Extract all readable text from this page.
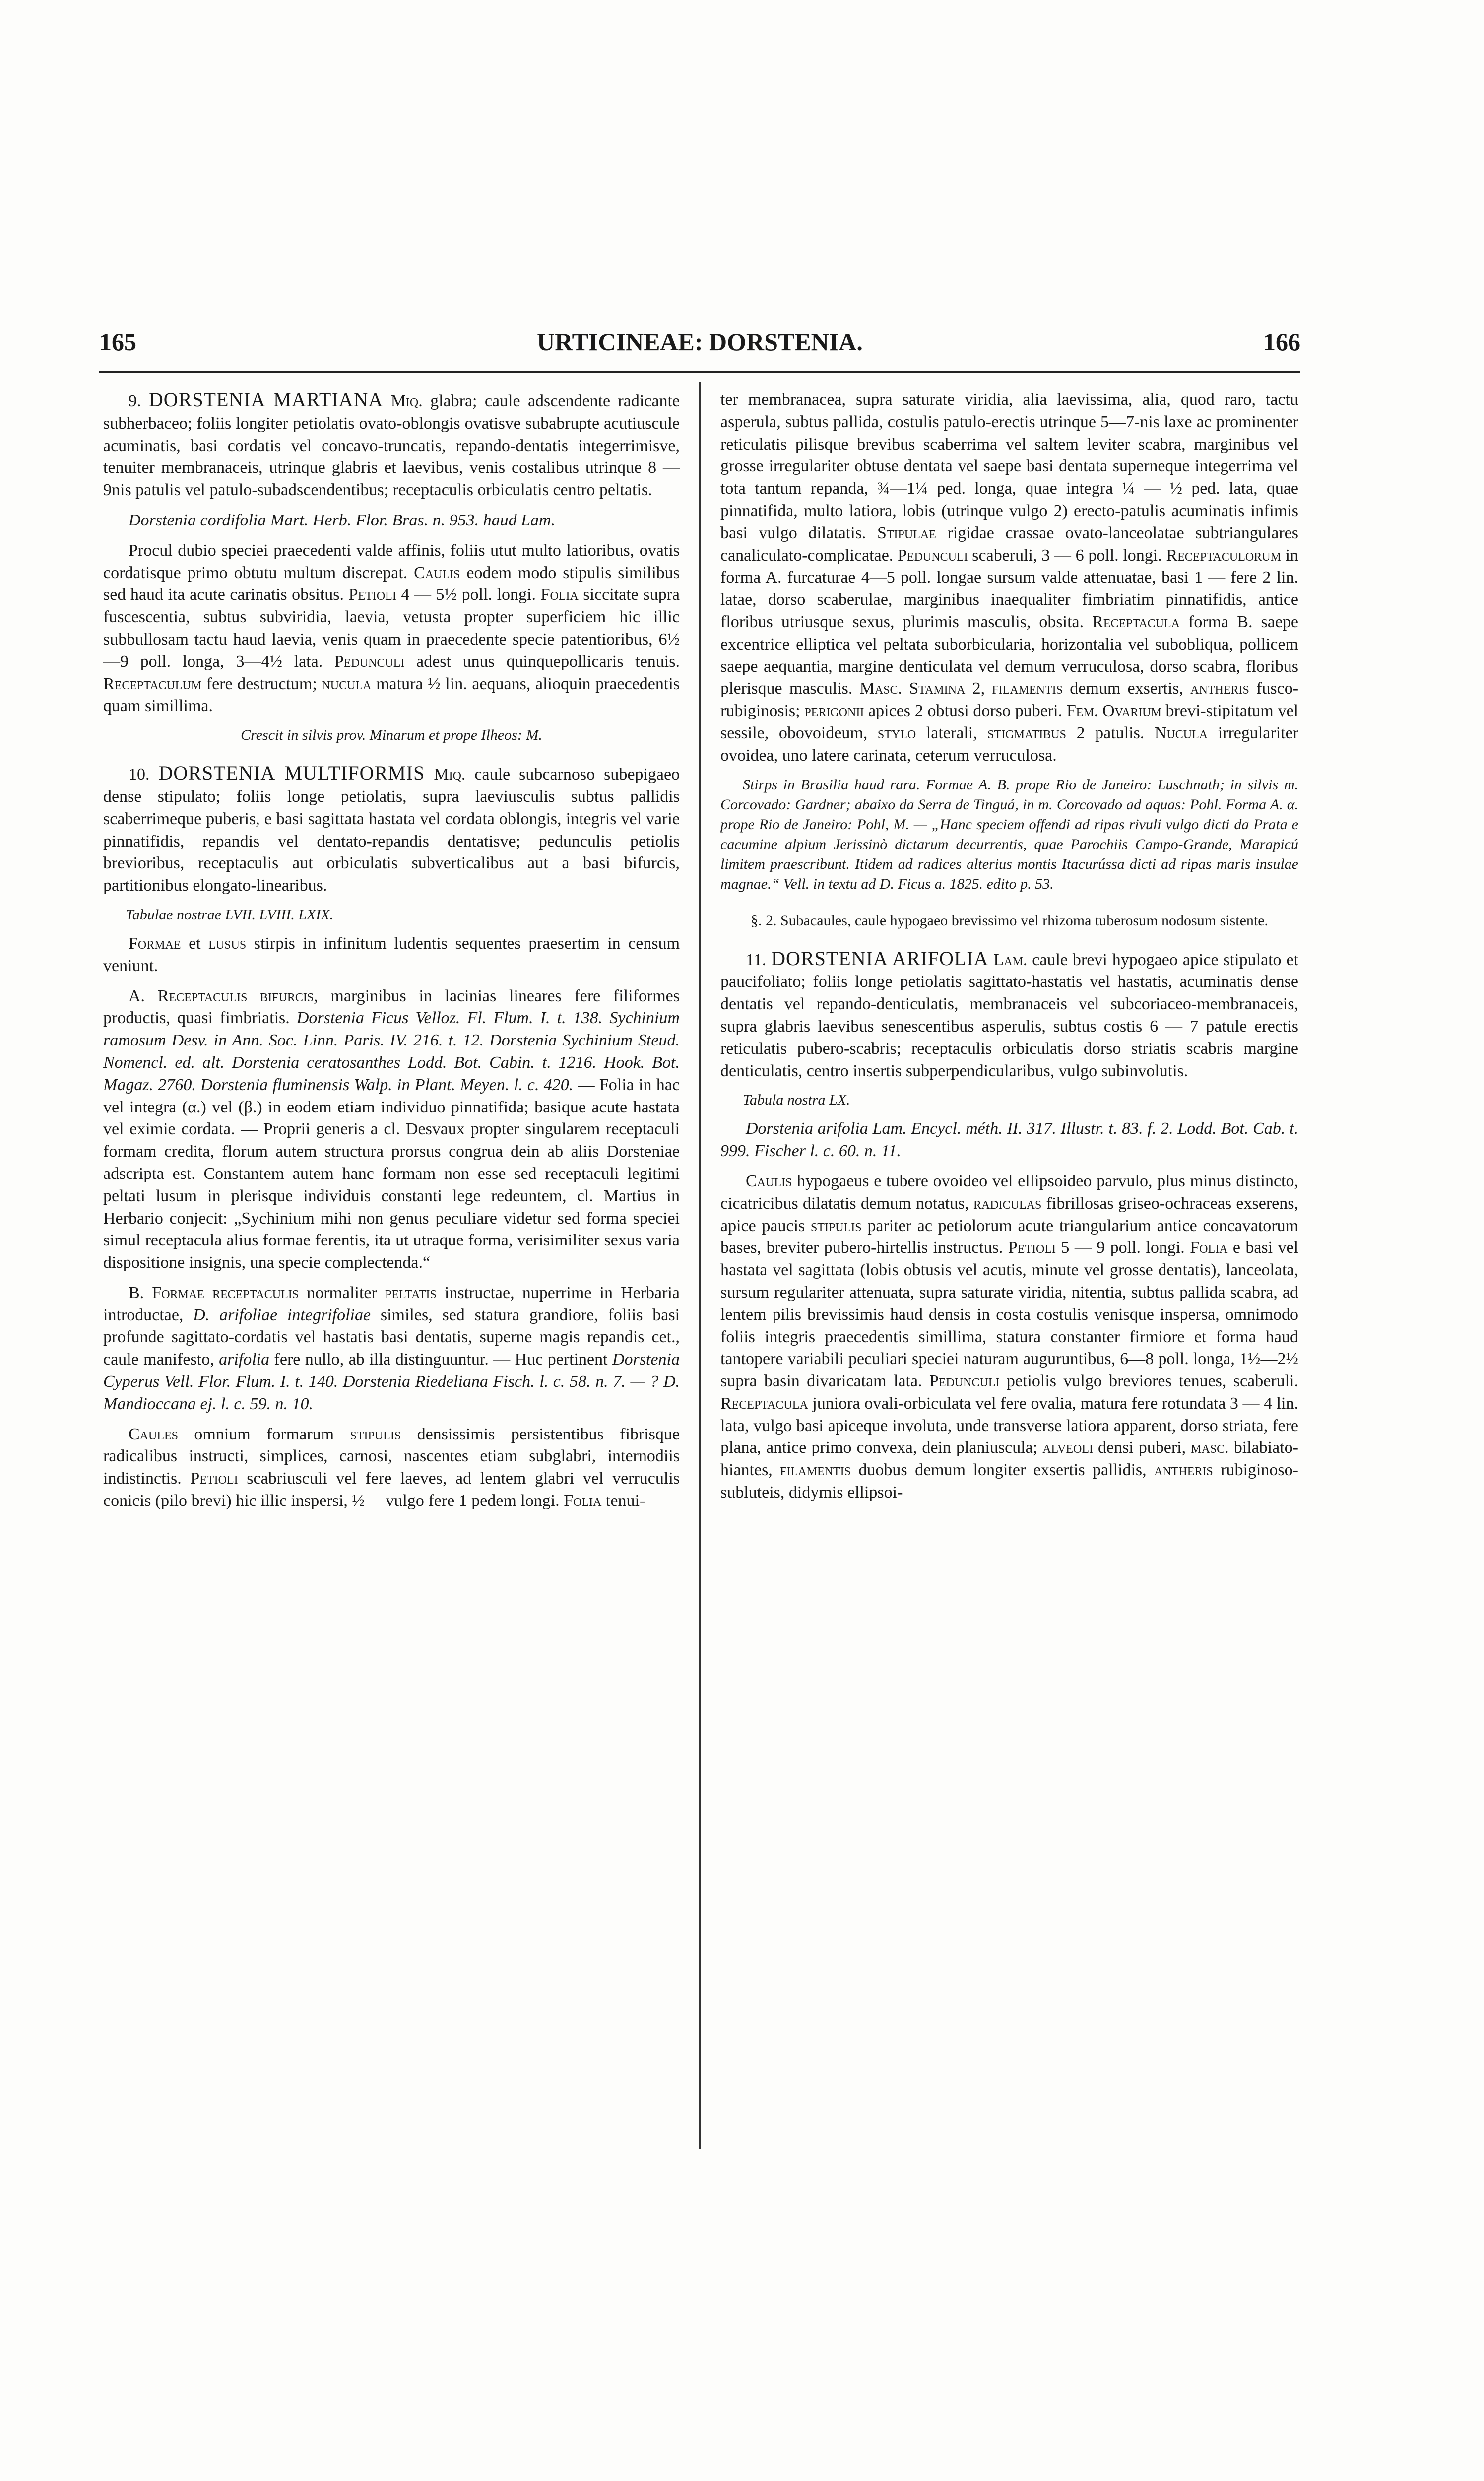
165	URTICINEAE: DORSTENIA.	166

9. DORSTENIA MARTIANA Miq. glabra; caule adscendente radicante subherbaceo; foliis longiter petiolatis ovato-oblongis ovatisve subabrupte acutiuscule acuminatis, basi cordatis vel concavo-truncatis, repando-dentatis integerrimisve, tenuiter membranaceis, utrinque glabris et laevibus, venis costalibus utrinque 8 — 9nis patulis vel patulo-subadscendentibus; receptaculis orbiculatis centro peltatis.

Dorstenia cordifolia Mart. Herb. Flor. Bras. n. 953. haud Lam.

Procul dubio speciei praecedenti valde affinis, foliis utut multo latioribus, ovatis cordatisque primo obtutu multum discrepat. Caulis eodem modo stipulis similibus sed haud ita acute carinatis obsitus. Petioli 4 — 5½ poll. longi. Folia siccitate supra fuscescentia, subtus subviridia, laevia, vetusta propter superficiem hic illic subbullosam tactu haud laevia, venis quam in praecedente specie patentioribus, 6½—9 poll. longa, 3—4½ lata. Pedunculi adest unus quinquepollicaris tenuis. Receptaculum fere destructum; nucula matura ½ lin. aequans, alioquin praecedentis quam simillima.

Crescit in silvis prov. Minarum et prope Ilheos: M.

10. DORSTENIA MULTIFORMIS Miq. caule subcarnoso subepigaeo dense stipulato; foliis longe petiolatis, supra laeviusculis subtus pallidis scaberrimeque puberis, e basi sagittata hastata vel cordata oblongis, integris vel varie pinnatifidis, repandis vel dentato-repandis dentatisve; pedunculis petiolis brevioribus, receptaculis aut orbiculatis subverticalibus aut a basi bifurcis, partitionibus elongato-linearibus.

Tabulae nostrae LVII. LVIII. LXIX.

Formae et lusus stirpis in infinitum ludentis sequentes praesertim in censum veniunt.

A. Receptaculis bifurcis, marginibus in lacinias lineares fere filiformes productis, quasi fimbriatis. Dorstenia Ficus Velloz. Fl. Flum. I. t. 138. Sychinium ramosum Desv. in Ann. Soc. Linn. Paris. IV. 216. t. 12. Dorstenia Sychinium Steud. Nomencl. ed. alt. Dorstenia ceratosanthes Lodd. Bot. Cabin. t. 1216. Hook. Bot. Magaz. 2760. Dorstenia fluminensis Walp. in Plant. Meyen. l. c. 420. — Folia in hac vel integra (α.) vel (β.) in eodem etiam individuo pinnatifida; basique acute hastata vel eximie cordata. — Proprii generis a cl. Desvaux propter singularem receptaculi formam credita, florum autem structura prorsus congrua dein ab aliis Dorsteniae adscripta est. Constantem autem hanc formam non esse sed receptaculi legitimi peltati lusum in plerisque individuis constanti lege redeuntem, cl. Martius in Herbario conjecit: „Sychinium mihi non genus peculiare videtur sed forma speciei simul receptacula alius formae ferentis, ita ut utraque forma, verisimiliter sexus varia dispositione insignis, una specie complectenda.“

B. Formae receptaculis normaliter peltatis instructae, nuperrime in Herbaria introductae, D. arifoliae integrifoliae similes, sed statura grandiore, foliis basi profunde sagittato-cordatis vel hastatis basi dentatis, superne magis repandis cet., caule manifesto, arifolia fere nullo, ab illa distinguuntur. — Huc pertinent Dorstenia Cyperus Vell. Flor. Flum. I. t. 140. Dorstenia Riedeliana Fisch. l. c. 58. n. 7. — ? D. Mandioccana ej. l. c. 59. n. 10.

Caules omnium formarum stipulis densissimis persistentibus fibrisque radicalibus instructi, simplices, carnosi, nascentes etiam subglabri, internodiis indistinctis. Petioli scabriusculi vel fere laeves, ad lentem glabri vel verruculis conicis (pilo brevi) hic illic inspersi, ½— vulgo fere 1 pedem longi. Folia tenui-

ter membranacea, supra saturate viridia, alia laevissima, alia, quod raro, tactu asperula, subtus pallida, costulis patulo-erectis utrinque 5—7-nis laxe ac prominenter reticulatis pilisque brevibus scaberrima vel saltem leviter scabra, marginibus vel grosse irregulariter obtuse dentata vel saepe basi dentata superneque integerrima vel tota tantum repanda, ¾—1¼ ped. longa, quae integra ¼ — ½ ped. lata, quae pinnatifida, multo latiora, lobis (utrinque vulgo 2) erecto-patulis acuminatis infimis basi vulgo dilatatis. Stipulae rigidae crassae ovato-lanceolatae subtriangulares canaliculato-complicatae. Pedunculi scaberuli, 3 — 6 poll. longi. Receptaculorum in forma A. furcaturae 4—5 poll. longae sursum valde attenuatae, basi 1 — fere 2 lin. latae, dorso scaberulae, marginibus inaequaliter fimbriatim pinnatifidis, antice floribus utriusque sexus, plurimis masculis, obsita. Receptacula forma B. saepe excentrice elliptica vel peltata suborbicularia, horizontalia vel subobliqua, pollicem saepe aequantia, margine denticulata vel demum verruculosa, dorso scabra, floribus plerisque masculis. Masc. Stamina 2, filamentis demum exsertis, antheris fusco-rubiginosis; perigonii apices 2 obtusi dorso puberi. Fem. Ovarium brevi-stipitatum vel sessile, obovoideum, stylo laterali, stigmatibus 2 patulis. Nucula irregulariter ovoidea, uno latere carinata, ceterum verruculosa.

Stirps in Brasilia haud rara. Formae A. B. prope Rio de Janeiro: Luschnath; in silvis m. Corcovado: Gardner; abaixo da Serra de Tinguá, in m. Corcovado ad aquas: Pohl. Forma A. α. prope Rio de Janeiro: Pohl, M. — „Hanc speciem offendi ad ripas rivuli vulgo dicti da Prata e cacumine alpium Jerissinò dictarum decurrentis, quae Parochiis Campo-Grande, Marapicú limitem praescribunt. Itidem ad radices alterius montis Itacurússa dicti ad ripas maris insulae magnae.“ Vell. in textu ad D. Ficus a. 1825. edito p. 53.

§. 2. Subacaules, caule hypogaeo brevissimo vel rhizoma tuberosum nodosum sistente.

11. DORSTENIA ARIFOLIA Lam. caule brevi hypogaeo apice stipulato et paucifoliato; foliis longe petiolatis sagittato-hastatis vel hastatis, acuminatis dense dentatis vel repando-denticulatis, membranaceis vel subcoriaceo-membranaceis, supra glabris laevibus senescentibus asperulis, subtus costis 6 — 7 patule erectis reticulatis pubero-scabris; receptaculis orbiculatis dorso striatis scabris margine denticulatis, centro insertis subperpendicularibus, vulgo subinvolutis.

Tabula nostra LX.

Dorstenia arifolia Lam. Encycl. méth. II. 317. Illustr. t. 83. f. 2. Lodd. Bot. Cab. t. 999. Fischer l. c. 60. n. 11.

Caulis hypogaeus e tubere ovoideo vel ellipsoideo parvulo, plus minus distincto, cicatricibus dilatatis demum notatus, radiculas fibrillosas griseo-ochraceas exserens, apice paucis stipulis pariter ac petiolorum acute triangularium antice concavatorum bases, breviter pubero-hirtellis instructus. Petioli 5 — 9 poll. longi. Folia e basi vel hastata vel sagittata (lobis obtusis vel acutis, minute vel grosse dentatis), lanceolata, sursum regulariter attenuata, supra saturate viridia, nitentia, subtus pallida scabra, ad lentem pilis brevissimis haud densis in costa costulis venisque inspersa, omnimodo foliis integris praecedentis simillima, statura constanter firmiore et forma haud tantopere variabili peculiari speciei naturam auguruntibus, 6—8 poll. longa, 1½—2½ supra basin divaricatam lata. Pedunculi petiolis vulgo breviores tenues, scaberuli. Receptacula juniora ovali-orbiculata vel fere ovalia, matura fere rotundata 3 — 4 lin. lata, vulgo basi apiceque involuta, unde transverse latiora apparent, dorso striata, fere plana, antice primo convexa, dein planiuscula; alveoli densi puberi, masc. bilabiato-hiantes, filamentis duobus demum longiter exsertis pallidis, antheris rubiginoso-subluteis, didymis ellipsoi-
